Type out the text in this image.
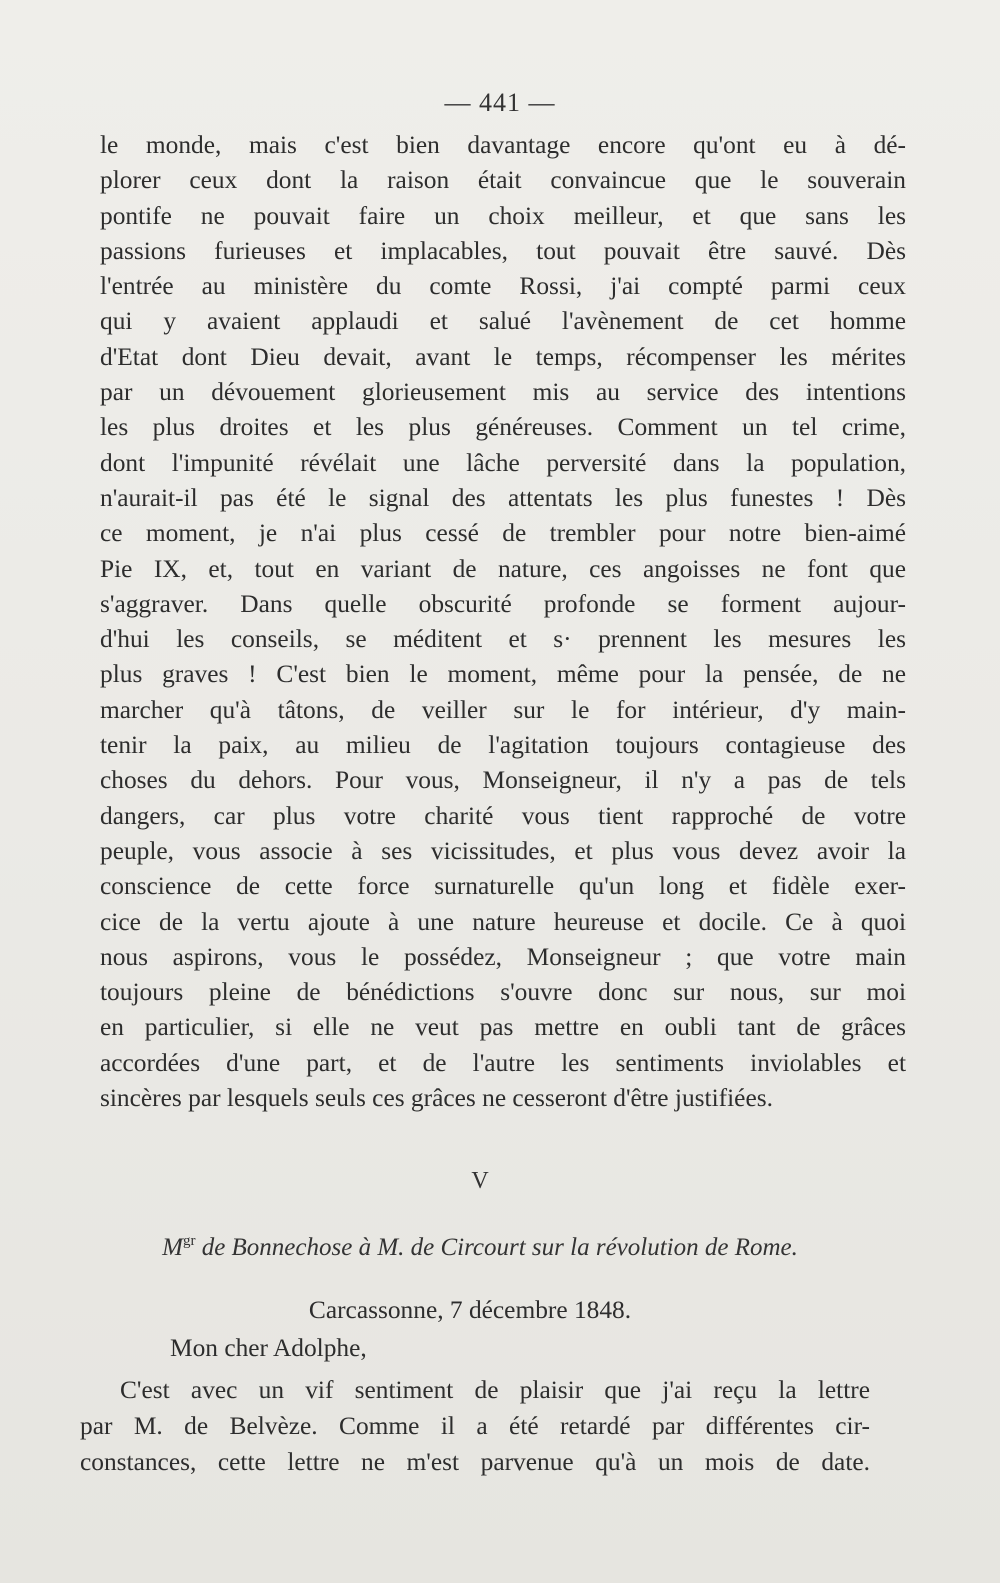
— 441 —
le monde, mais c'est bien davantage encore qu'ont eu à dé-
plorer ceux dont la raison était convaincue que le souverain
pontife ne pouvait faire un choix meilleur, et que sans les
passions furieuses et implacables, tout pouvait être sauvé. Dès
l'entrée au ministère du comte Rossi, j'ai compté parmi ceux
qui y avaient applaudi et salué l'avènement de cet homme
d'Etat dont Dieu devait, avant le temps, récompenser les mérites
par un dévouement glorieusement mis au service des intentions
les plus droites et les plus généreuses. Comment un tel crime,
dont l'impunité révélait une lâche perversité dans la population,
n'aurait-il pas été le signal des attentats les plus funestes ! Dès
ce moment, je n'ai plus cessé de trembler pour notre bien-aimé
Pie IX, et, tout en variant de nature, ces angoisses ne font que
s'aggraver. Dans quelle obscurité profonde se forment aujour-
d'hui les conseils, se méditent et s· prennent les mesures les
plus graves ! C'est bien le moment, même pour la pensée, de ne
marcher qu'à tâtons, de veiller sur le for intérieur, d'y main-
tenir la paix, au milieu de l'agitation toujours contagieuse des
choses du dehors. Pour vous, Monseigneur, il n'y a pas de tels
dangers, car plus votre charité vous tient rapproché de votre
peuple, vous associe à ses vicissitudes, et plus vous devez avoir la
conscience de cette force surnaturelle qu'un long et fidèle exer-
cice de la vertu ajoute à une nature heureuse et docile. Ce à quoi
nous aspirons, vous le possédez, Monseigneur ; que votre main
toujours pleine de bénédictions s'ouvre donc sur nous, sur moi
en particulier, si elle ne veut pas mettre en oubli tant de grâces
accordées d'une part, et de l'autre les sentiments inviolables et
sincères par lesquels seuls ces grâces ne cesseront d'être justifiées.
V
$M^{gr}$ de Bonnechose à M. de Circourt sur la révolution de Rome.
Carcassonne, 7 décembre 1848.
Mon cher Adolphe,
C'est avec un vif sentiment de plaisir que j'ai reçu la lettre
par M. de Belvèze. Comme il a été retardé par différentes cir-
constances, cette lettre ne m'est parvenue qu'à un mois de date.
